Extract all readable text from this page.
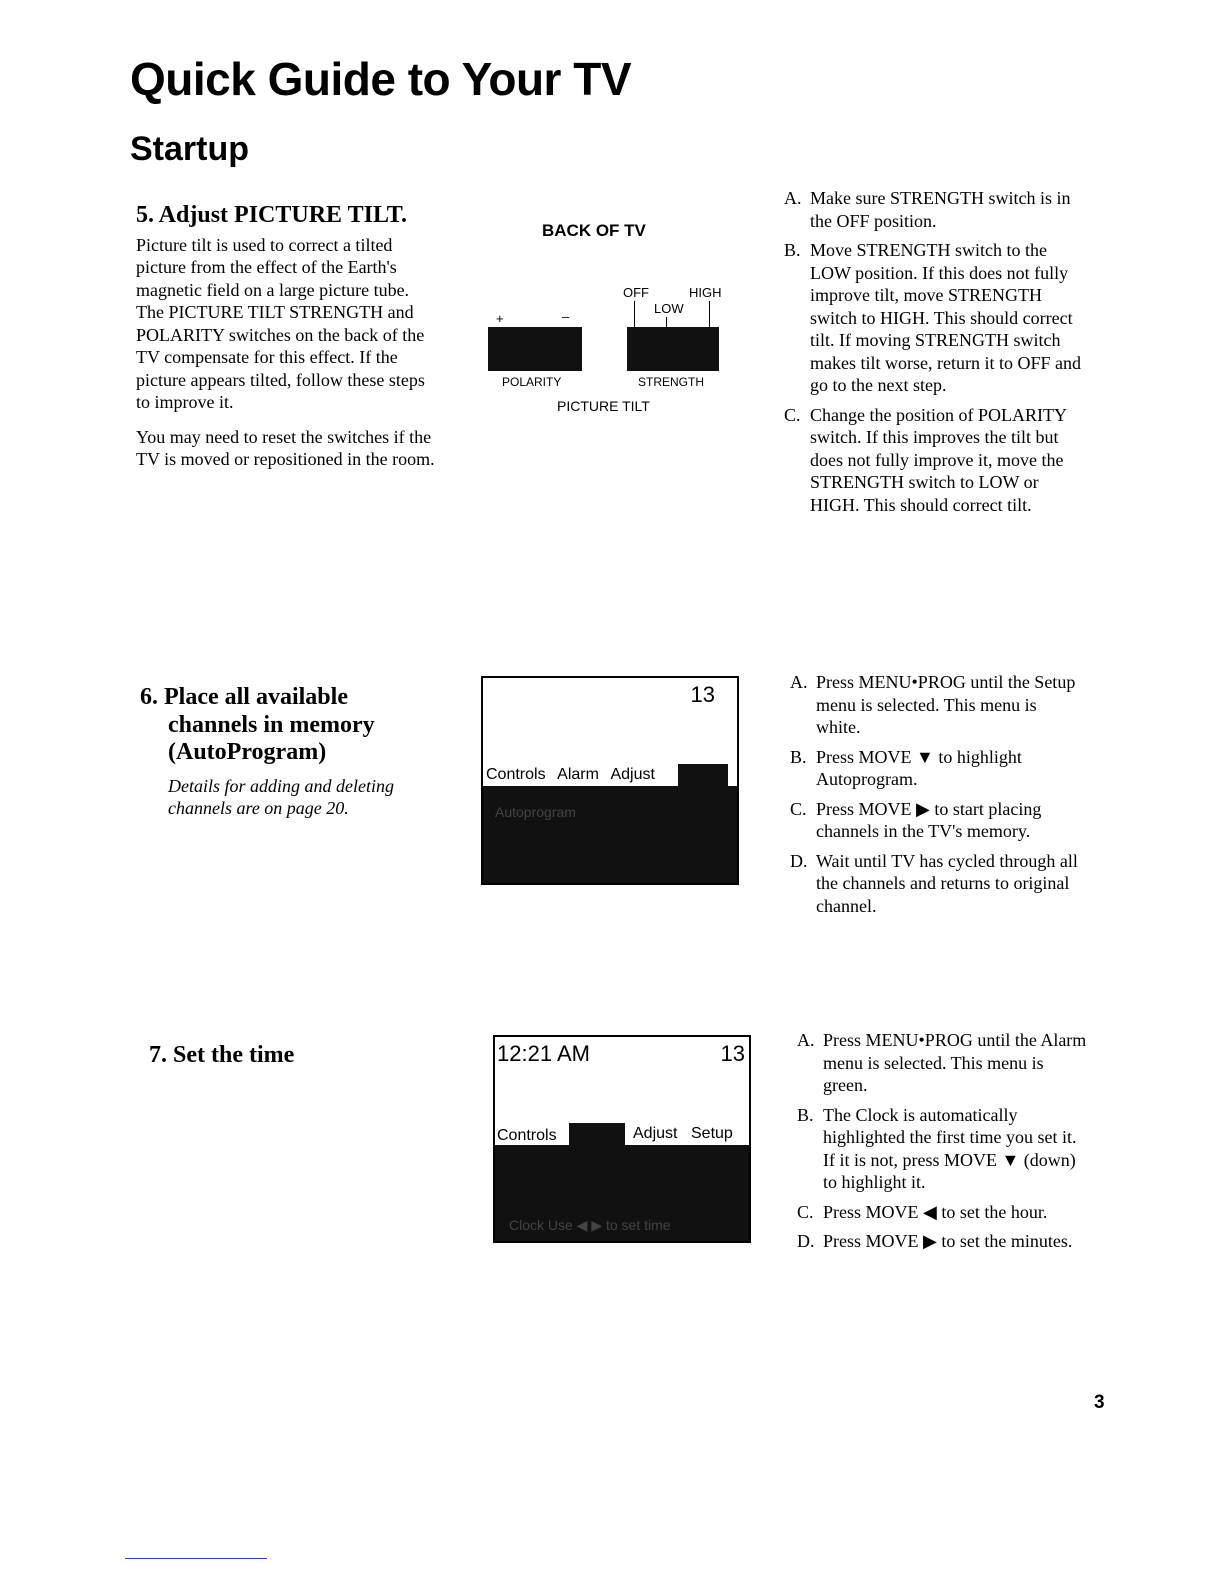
Quick Guide to Your TV
Startup
5. Adjust PICTURE TILT.

Picture tilt is used to correct a tilted picture from the effect of the Earth's magnetic field on a large picture tube. The PICTURE TILT STRENGTH and POLARITY switches on the back of the TV compensate for this effect. If the picture appears tilted, follow these steps to improve it.

You may need to reset the switches if the TV is moved or repositioned in the room.

BACK OF TV
+	–
OFF
LOW
HIGH
POLARITY	STRENGTH
PICTURE TILT
A. Make sure STRENGTH switch is in the OFF position.
B. Move STRENGTH switch to the LOW position. If this does not fully improve tilt, move STRENGTH switch to HIGH. This should correct tilt. If moving STRENGTH switch makes tilt worse, return it to OFF and go to the next step.
C. Change the position of POLARITY switch. If this improves the tilt but does not fully improve it, move the STRENGTH switch to LOW or HIGH. This should correct tilt.
6. Place all available
channels in memory
(AutoProgram)
Details for adding and deleting channels are on page 20.
13
Controls Alarm Adjust
Autoprogram
A. Press MENU•PROG until the Setup menu is selected. This menu is white.
B. Press MOVE ▼ to highlight Autoprogram.
C. Press MOVE ▶ to start placing channels in the TV's memory.
D. Wait until TV has cycled through all the channels and returns to original channel.
7. Set the time	12:21 AM	13
Controls	Adjust Setup
Clock Use ◀ ▶ to set time
A. Press MENU•PROG until the Alarm menu is selected. This menu is green.
B. The Clock is automatically highlighted the first time you set it. If it is not, press MOVE ▼ (down) to highlight it.
C. Press MOVE ◀ to set the hour.
D. Press MOVE ▶ to set the minutes.
3
